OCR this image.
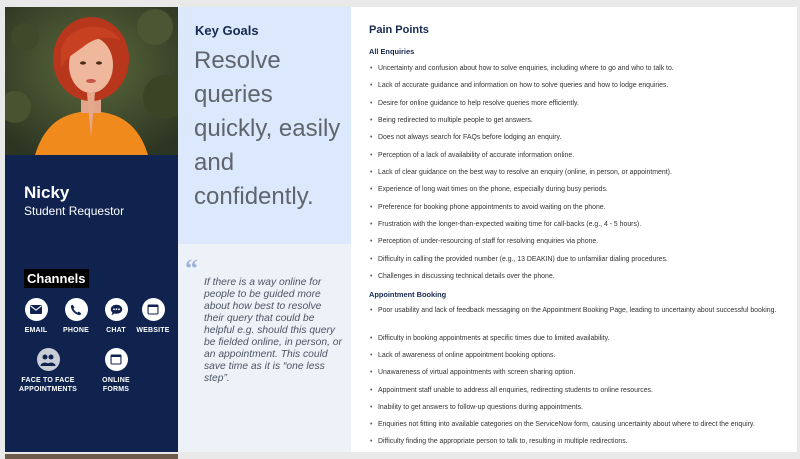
Nicky
Student Requestor
Channels
EMAIL	PHONE	CHAT	WEBSITE
FACE TO FACE APPOINTMENTS
ONLINE FORMS
Key Goals
Resolve queries quickly, easily and confidently.
“ If there is a way online for people to be guided more about how best to resolve their query that could be helpful e.g. should this query be fielded online, in person, or an appointment. This could save time as it is “one less step”.
Pain Points
All Enquiries
• Uncertainty and confusion about how to solve enquiries, including where to go and who to talk to.
• Lack of accurate guidance and information on how to solve queries and how to lodge enquiries.
• Desire for online guidance to help resolve queries more efficiently.
• Being redirected to multiple people to get answers.
• Does not always search for FAQs before lodging an enquiry.
• Perception of a lack of availability of accurate information online.
• Lack of clear guidance on the best way to resolve an enquiry (online, in person, or appointment).
• Experience of long wait times on the phone, especially during busy periods.
• Preference for booking phone appointments to avoid waiting on the phone.
• Frustration with the longer-than-expected waiting time for call-backs (e.g., 4 - 5 hours).
• Perception of under-resourcing of staff for resolving enquiries via phone.
• Difficulty in calling the provided number (e.g., 13 DEAKIN) due to unfamiliar dialing procedures.
• Challenges in discussing technical details over the phone.
Appointment Booking
• Poor usability and lack of feedback messaging on the Appointment Booking Page, leading to uncertainty about successful booking.
• Difficulty in booking appointments at specific times due to limited availability.
• Lack of awareness of online appointment booking options.
• Unawareness of virtual appointments with screen sharing option.
• Appointment staff unable to address all enquiries, redirecting students to online resources.
• Inability to get answers to follow-up questions during appointments.
• Enquiries not fitting into available categories on the ServiceNow form, causing uncertainty about where to direct the enquiry.
• Difficulty finding the appropriate person to talk to, resulting in multiple redirections.
